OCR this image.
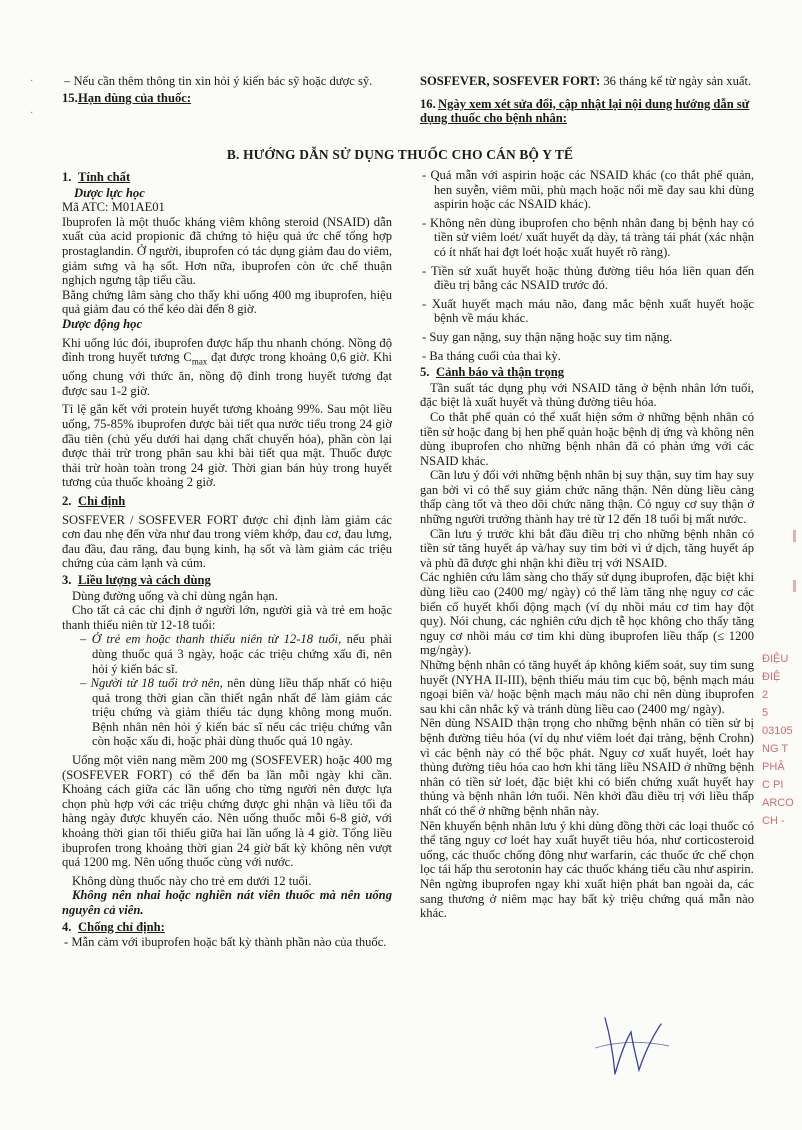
– Nếu cần thêm thông tin xin hỏi ý kiến bác sỹ hoặc dược sỹ.

15.Hạn dùng của thuốc:

SOSFEVER, SOSFEVER FORT: 36 tháng kể từ ngày sản xuất.

16. Ngày xem xét sửa đổi, cập nhật lại nội dung hướng dẫn sử dụng thuốc cho bệnh nhân:
B. HƯỚNG DẪN SỬ DỤNG THUỐC CHO CÁN BỘ Y TẾ
1. Tính chất
Dược lực học

Mã ATC: M01AE01

Ibuprofen là một thuốc kháng viêm không steroid (NSAID) dẫn xuất của acid propionic đã chứng tỏ hiệu quả ức chế tổng hợp prostaglandin. Ở người, ibuprofen có tác dụng giảm đau do viêm, giảm sưng và hạ sốt. Hơn nữa, ibuprofen còn ức chế thuận nghịch ngưng tập tiểu cầu.

Bằng chứng lâm sàng cho thấy khi uống 400 mg ibuprofen, hiệu quả giảm đau có thể kéo dài đến 8 giờ.

Dược động học

Khi uống lúc đói, ibuprofen được hấp thu nhanh chóng. Nồng độ đỉnh trong huyết tương $C_{max}$ đạt được trong khoảng 0,6 giờ. Khi uống chung với thức ăn, nồng độ đỉnh trong huyết tương đạt được sau 1-2 giờ.

Tỉ lệ gắn kết với protein huyết tương khoảng 99%. Sau một liều uống, 75-85% ibuprofen được bài tiết qua nước tiểu trong 24 giờ đầu tiên (chủ yếu dưới hai dạng chất chuyển hóa), phần còn lại được thải trừ trong phân sau khi bài tiết qua mật. Thuốc được thải trừ hoàn toàn trong 24 giờ. Thời gian bán hủy trong huyết tương của thuốc khoảng 2 giờ.

2. Chỉ định

SOSFEVER / SOSFEVER FORT được chỉ định làm giảm các cơn đau nhẹ đến vừa như đau trong viêm khớp, đau cơ, đau lưng, đau đầu, đau răng, đau bụng kinh, hạ sốt và làm giảm các triệu chứng của cảm lạnh và cúm.

3. Liều lượng và cách dùng

Dùng đường uống và chỉ dùng ngắn hạn.

Cho tất cả các chỉ định ở người lớn, người già và trẻ em hoặc thanh thiếu niên từ 12-18 tuổi:

– Ở trẻ em hoặc thanh thiếu niên từ 12-18 tuổi, nếu phải dùng thuốc quá 3 ngày, hoặc các triệu chứng xấu đi, nên hỏi ý kiến bác sĩ.

– Người từ 18 tuổi trở nên, nên dùng liều thấp nhất có hiệu quả trong thời gian cần thiết ngắn nhất để làm giảm các triệu chứng và giảm thiểu tác dụng không mong muốn. Bệnh nhân nên hỏi ý kiến bác sĩ nếu các triệu chứng vẫn còn hoặc xấu đi, hoặc phải dùng thuốc quá 10 ngày.

Uống một viên nang mềm 200 mg (SOSFEVER) hoặc 400 mg (SOSFEVER FORT) có thể đến ba lần mỗi ngày khi cần. Khoảng cách giữa các lần uống cho từng người nên được lựa chọn phù hợp với các triệu chứng được ghi nhận và liều tối đa hàng ngày được khuyến cáo. Nên uống thuốc mỗi 6-8 giờ, với khoảng thời gian tối thiểu giữa hai lần uống là 4 giờ. Tổng liều ibuprofen trong khoảng thời gian 24 giờ bất kỳ không nên vượt quá 1200 mg. Nên uống thuốc cùng với nước.

Không dùng thuốc này cho trẻ em dưới 12 tuổi.

Không nên nhai hoặc nghiền nát viên thuốc mà nên uống nguyên cả viên.

4. Chống chỉ định:

- Mẫn cảm với ibuprofen hoặc bất kỳ thành phần nào của thuốc.

- Quá mẫn với aspirin hoặc các NSAID khác (co thắt phế quản, hen suyễn, viêm mũi, phù mạch hoặc nổi mề đay sau khi dùng aspirin hoặc các NSAID khác).

- Không nên dùng ibuprofen cho bệnh nhân đang bị bệnh hay có tiền sử viêm loét/ xuất huyết dạ dày, tá tràng tái phát (xác nhận có ít nhất hai đợt loét hoặc xuất huyết rõ ràng).

- Tiền sử xuất huyết hoặc thủng đường tiêu hóa liên quan đến điều trị bằng các NSAID trước đó.

- Xuất huyết mạch máu não, đang mắc bệnh xuất huyết hoặc bệnh về máu khác.

- Suy gan nặng, suy thận nặng hoặc suy tim nặng.

- Ba tháng cuối của thai kỳ.

5. Cảnh báo và thận trọng

Tần suất tác dụng phụ với NSAID tăng ở bệnh nhân lớn tuổi, đặc biệt là xuất huyết và thủng đường tiêu hóa.

Co thắt phế quản có thể xuất hiện sớm ở những bệnh nhân có tiền sử hoặc đang bị hen phế quản hoặc bệnh dị ứng và không nên dùng ibuprofen cho những bệnh nhân đã có phản ứng với các NSAID khác.

Cần lưu ý đối với những bệnh nhân bị suy thận, suy tim hay suy gan bởi vì có thể suy giảm chức năng thận. Nên dùng liều càng thấp càng tốt và theo dõi chức năng thận. Có nguy cơ suy thận ở những người trưởng thành hay trẻ từ 12 đến 18 tuổi bị mất nước.

Cần lưu ý trước khi bắt đầu điều trị cho những bệnh nhân có tiền sử tăng huyết áp và/hay suy tim bởi vì ứ dịch, tăng huyết áp và phù đã được ghi nhận khi điều trị với NSAID.

Các nghiên cứu lâm sàng cho thấy sử dụng ibuprofen, đặc biệt khi dùng liều cao (2400 mg/ ngày) có thể làm tăng nhẹ nguy cơ các biến cố huyết khối động mạch (ví dụ nhồi máu cơ tim hay đột quỵ). Nói chung, các nghiên cứu dịch tễ học không cho thấy tăng nguy cơ nhồi máu cơ tim khi dùng ibuprofen liều thấp (≤ 1200 mg/ngày).

Những bệnh nhân có tăng huyết áp không kiểm soát, suy tim sung huyết (NYHA II-III), bệnh thiếu máu tim cục bộ, bệnh mạch máu ngoại biên và/ hoặc bệnh mạch máu não chỉ nên dùng ibuprofen sau khi cân nhắc kỹ và tránh dùng liều cao (2400 mg/ ngày).

Nên dùng NSAID thận trọng cho những bệnh nhân có tiền sử bị bệnh đường tiêu hóa (ví dụ như viêm loét đại tràng, bệnh Crohn) vì các bệnh này có thể bộc phát. Nguy cơ xuất huyết, loét hay thủng đường tiêu hóa cao hơn khi tăng liều NSAID ở những bệnh nhân có tiền sử loét, đặc biệt khi có biến chứng xuất huyết hay thủng và bệnh nhân lớn tuổi. Nên khởi đầu điều trị với liều thấp nhất có thể ở những bệnh nhân này.

Nên khuyến bệnh nhân lưu ý khi dùng đồng thời các loại thuốc có thể tăng nguy cơ loét hay xuất huyết tiêu hóa, như corticosteroid uống, các thuốc chống đông như warfarin, các thuốc ức chế chọn lọc tái hấp thu serotonin hay các thuốc kháng tiểu cầu như aspirin.

Nên ngừng ibuprofen ngay khi xuất hiện phát ban ngoài da, các sang thương ở niêm mạc hay bất kỳ triệu chứng quá mẫn nào khác.

·
·
ĐIỆU
ĐIỆ
2
5
03105
NG T
PHÂ
C PI
ARCO
CH -
